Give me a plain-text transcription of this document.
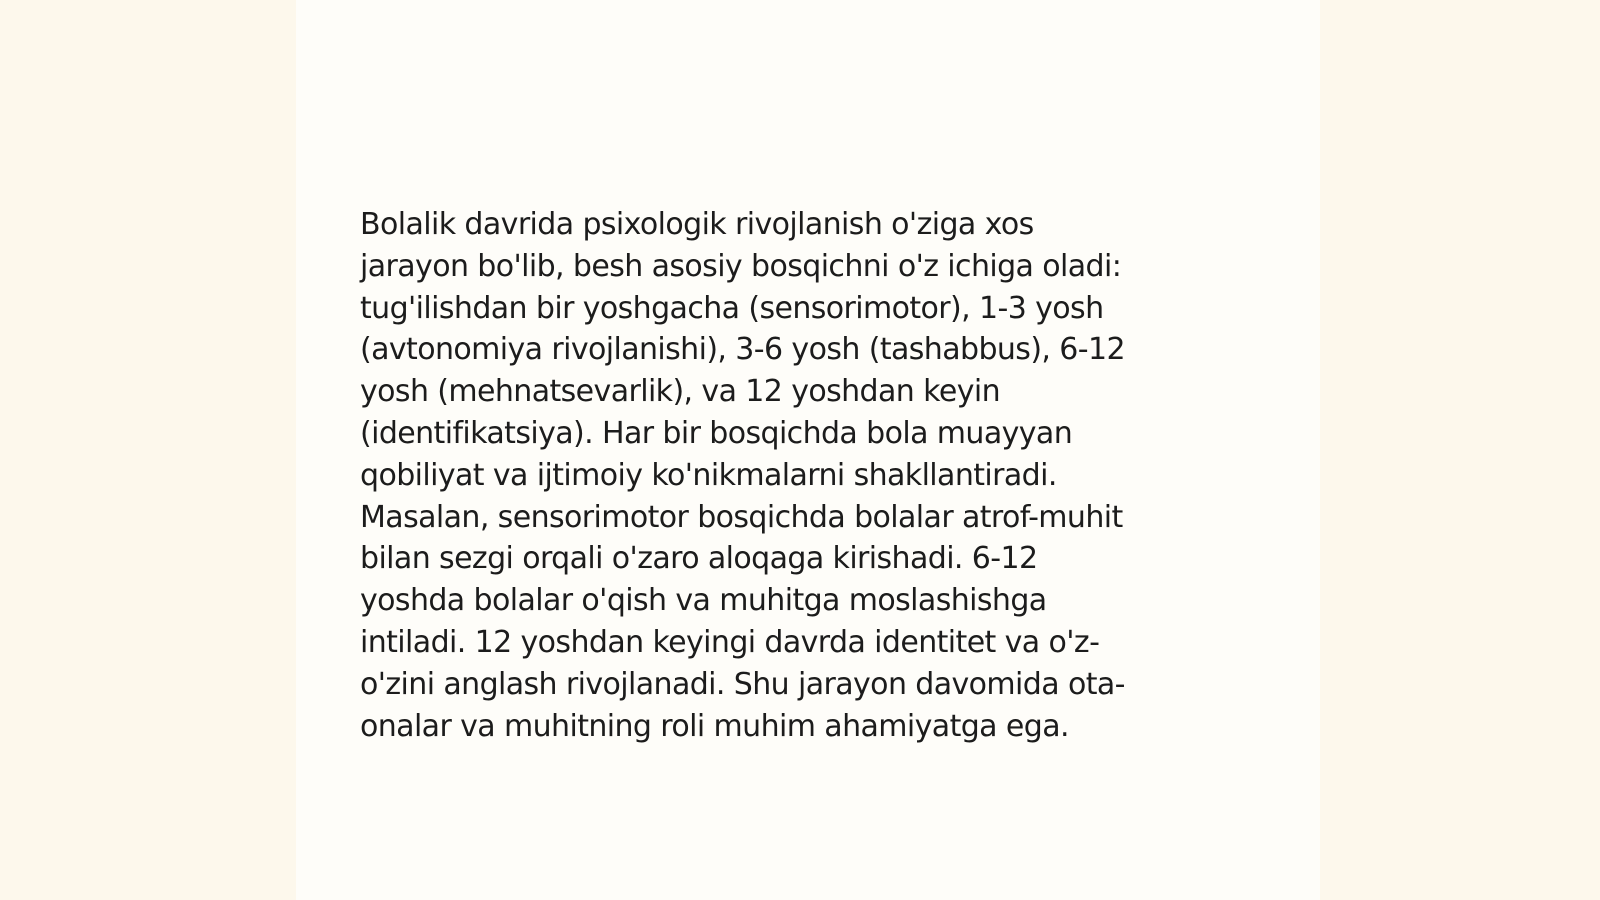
Bolalik davrida psixologik rivojlanish o'ziga xos
jarayon bo'lib, besh asosiy bosqichni o'z ichiga oladi:
tug'ilishdan bir yoshgacha (sensorimotor), 1-3 yosh
(avtonomiya rivojlanishi), 3-6 yosh (tashabbus), 6-12
yosh (mehnatsevarlik), va 12 yoshdan keyin
(identifikatsiya). Har bir bosqichda bola muayyan
qobiliyat va ijtimoiy ko'nikmalarni shakllantiradi.
Masalan, sensorimotor bosqichda bolalar atrof-muhit
bilan sezgi orqali o'zaro aloqaga kirishadi. 6-12
yoshda bolalar o'qish va muhitga moslashishga
intiladi. 12 yoshdan keyingi davrda identitet va o'z-
o'zini anglash rivojlanadi. Shu jarayon davomida ota-
onalar va muhitning roli muhim ahamiyatga ega.
